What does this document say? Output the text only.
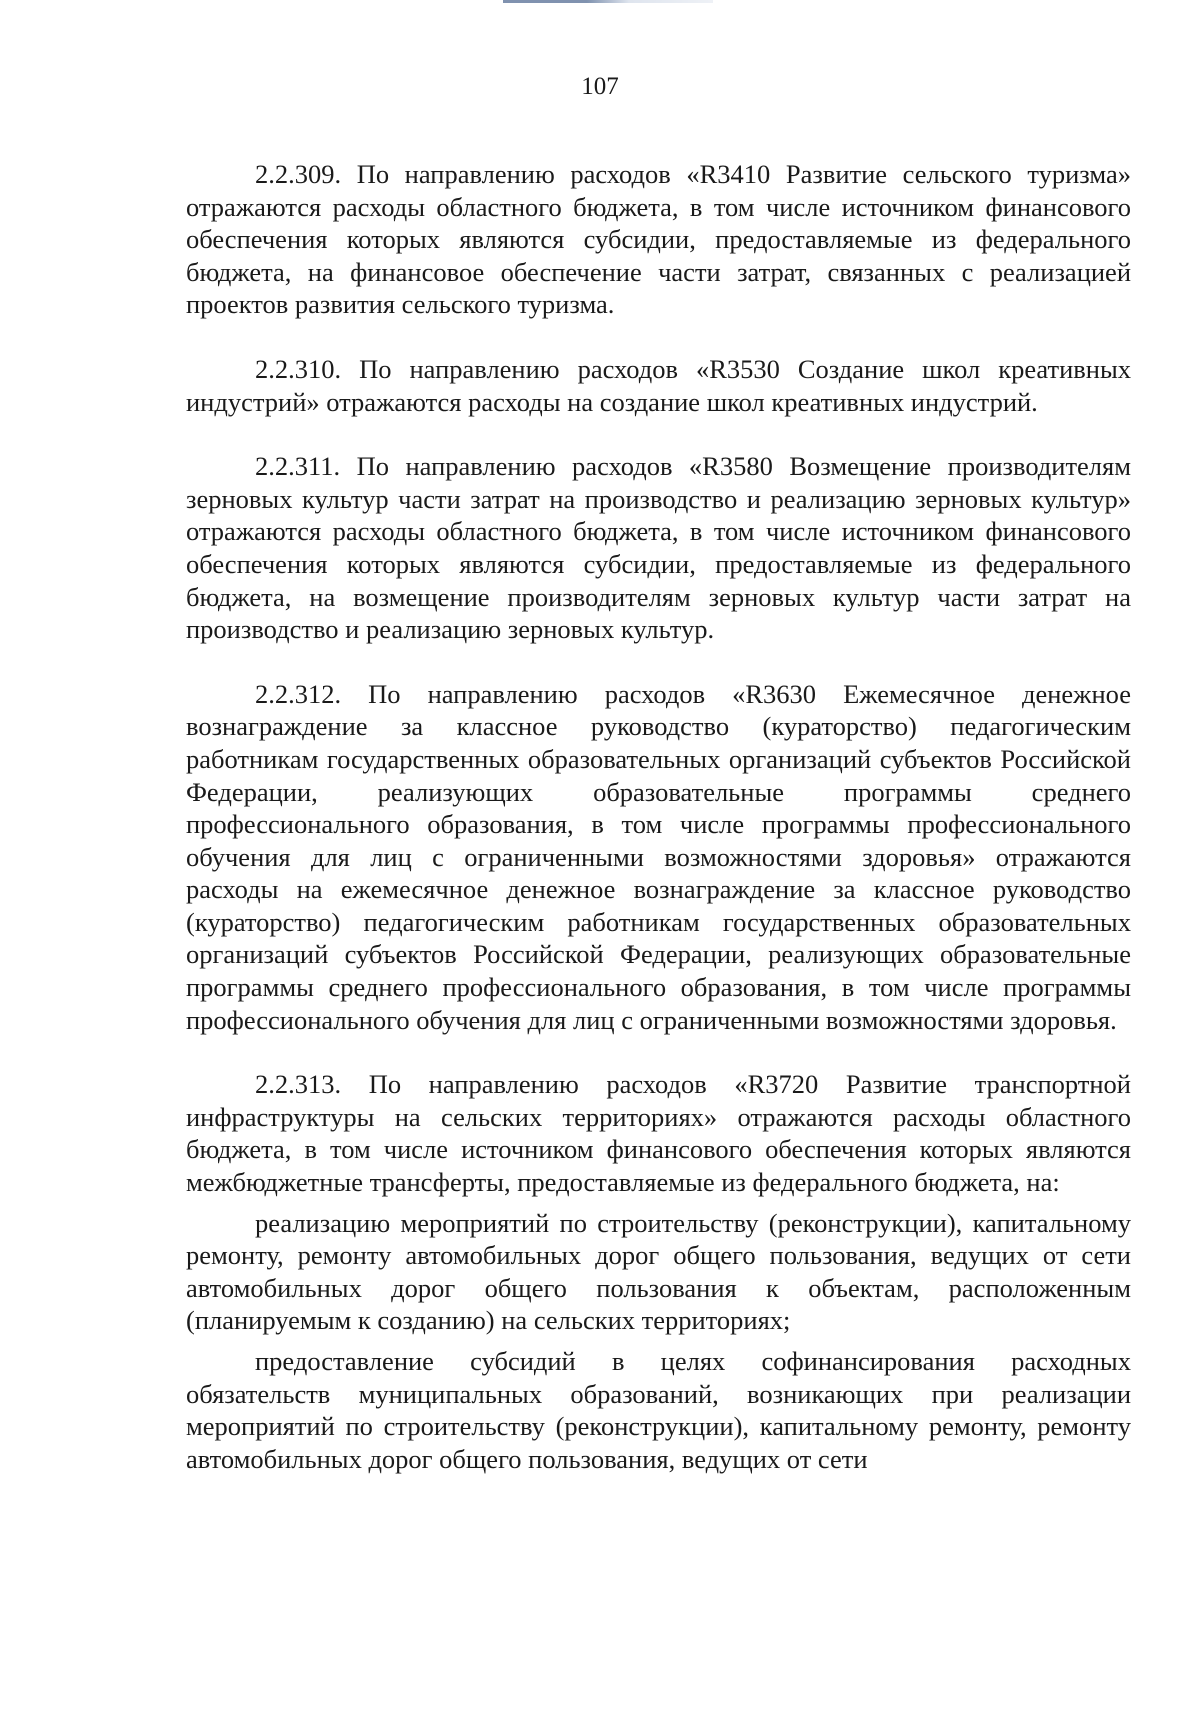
107

2.2.309. По направлению расходов «R3410 Развитие сельского туризма» отражаются расходы областного бюджета, в том числе источником финансового обеспечения которых являются субсидии, предоставляемые из федерального бюджета, на финансовое обеспечение части затрат, связанных с реализацией проектов развития сельского туризма.

2.2.310. По направлению расходов «R3530 Создание школ креативных индустрий» отражаются расходы на создание школ креативных индустрий.

2.2.311. По направлению расходов «R3580 Возмещение производителям зерновых культур части затрат на производство и реализацию зерновых культур» отражаются расходы областного бюджета, в том числе источником финансового обеспечения которых являются субсидии, предоставляемые из федерального бюджета, на возмещение производителям зерновых культур части затрат на производство и реализацию зерновых культур.

2.2.312. По направлению расходов «R3630 Ежемесячное денежное вознаграждение за классное руководство (кураторство) педагогическим работникам государственных образовательных организаций субъектов Российской Федерации, реализующих образовательные программы среднего профессионального образования, в том числе программы профессионального обучения для лиц с ограниченными возможностями здоровья» отражаются расходы на ежемесячное денежное вознаграждение за классное руководство (кураторство) педагогическим работникам государственных образовательных организаций субъектов Российской Федерации, реализующих образовательные программы среднего профессионального образования, в том числе программы профессионального обучения для лиц с ограниченными возможностями здоровья.

2.2.313. По направлению расходов «R3720 Развитие транспортной инфраструктуры на сельских территориях» отражаются расходы областного бюджета, в том числе источником финансового обеспечения которых являются межбюджетные трансферты, предоставляемые из федерального бюджета, на:

реализацию мероприятий по строительству (реконструкции), капитальному ремонту, ремонту автомобильных дорог общего пользования, ведущих от сети автомобильных дорог общего пользования к объектам, расположенным (планируемым к созданию) на сельских территориях;

предоставление субсидий в целях софинансирования расходных обязательств муниципальных образований, возникающих при реализации мероприятий по строительству (реконструкции), капитальному ремонту, ремонту автомобильных дорог общего пользования, ведущих от сети
